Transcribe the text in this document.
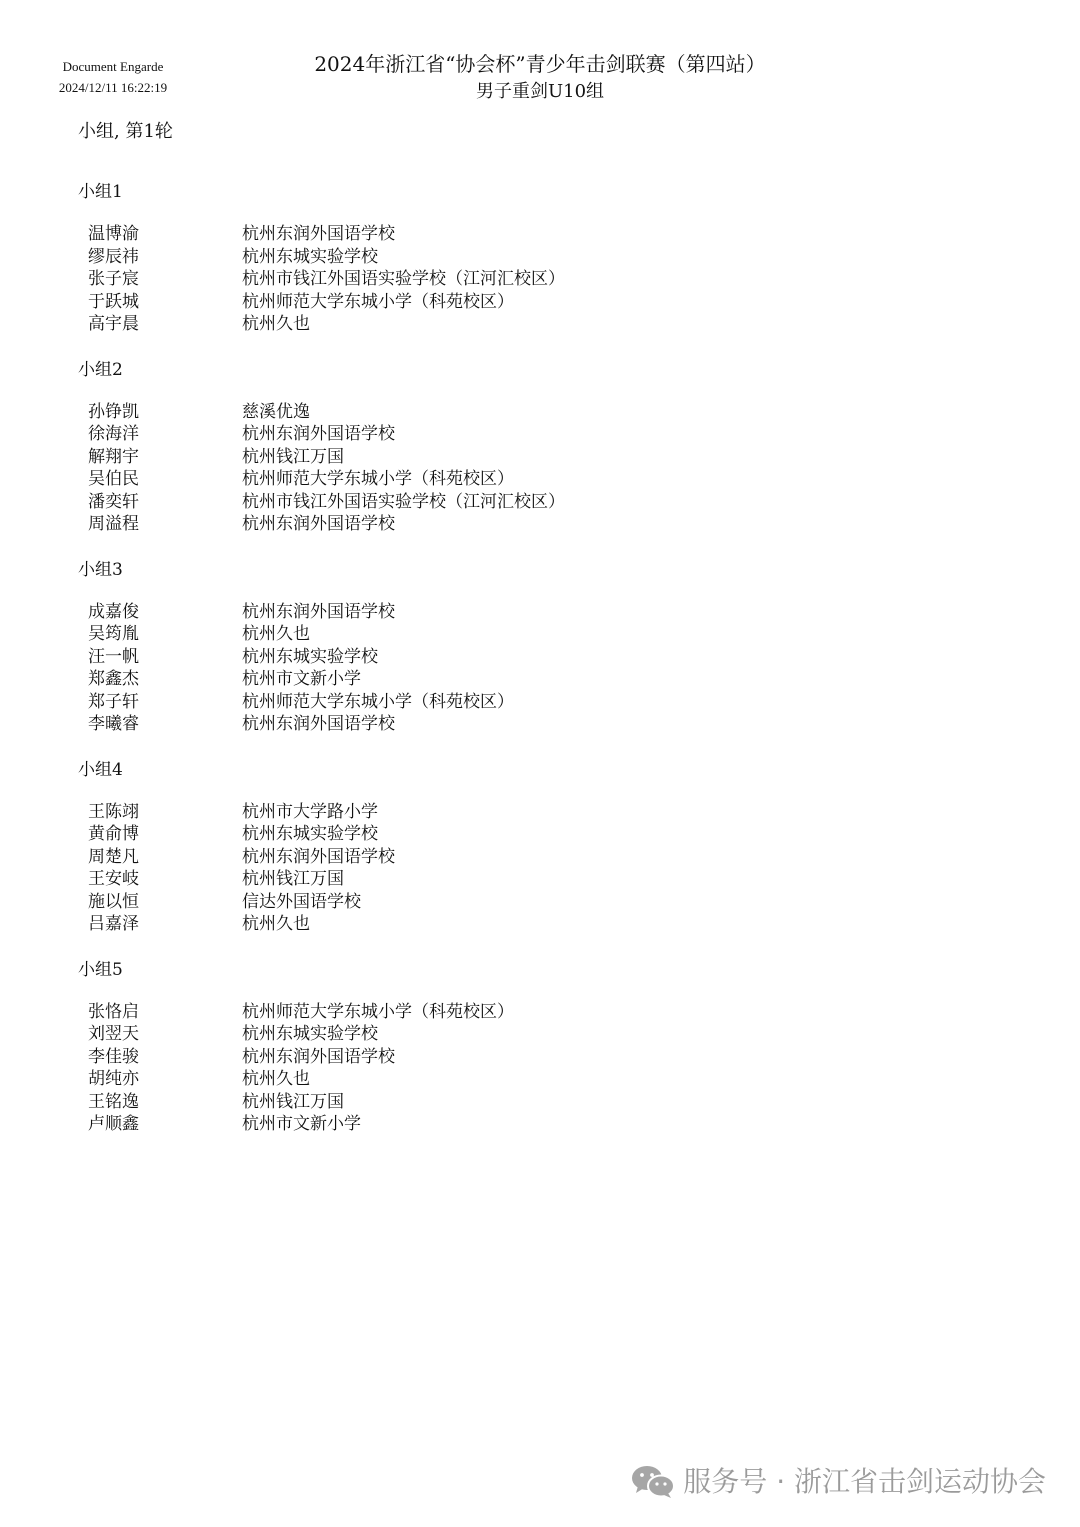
Document Engarde
2024/12/11 16:22:19
2024年浙江省“协会杯”青少年击剑联赛（第四站）
男子重剑U10组
小组, 第1轮
小组1
温博渝	杭州东润外国语学校
缪辰祎	杭州东城实验学校
张子宸	杭州市钱江外国语实验学校（江河汇校区）
于跃城	杭州师范大学东城小学（科苑校区）
高宇晨	杭州久也
小组2
孙铮凯	慈溪优逸
徐海洋	杭州东润外国语学校
解翔宇	杭州钱江万国
吴伯民	杭州师范大学东城小学（科苑校区）
潘奕轩	杭州市钱江外国语实验学校（江河汇校区）
周溢程	杭州东润外国语学校
小组3
成嘉俊	杭州东润外国语学校
吴筠胤	杭州久也
汪一帆	杭州东城实验学校
郑鑫杰	杭州市文新小学
郑子轩	杭州师范大学东城小学（科苑校区）
李曦睿	杭州东润外国语学校
小组4
王陈翊	杭州市大学路小学
黄俞博	杭州东城实验学校
周楚凡	杭州东润外国语学校
王安岐	杭州钱江万国
施以恒	信达外国语学校
吕嘉泽	杭州久也
小组5
张恪启	杭州师范大学东城小学（科苑校区）
刘翌天	杭州东城实验学校
李佳骏	杭州东润外国语学校
胡纯亦	杭州久也
王铭逸	杭州钱江万国
卢顺鑫	杭州市文新小学
服务号 · 浙江省击剑运动协会
